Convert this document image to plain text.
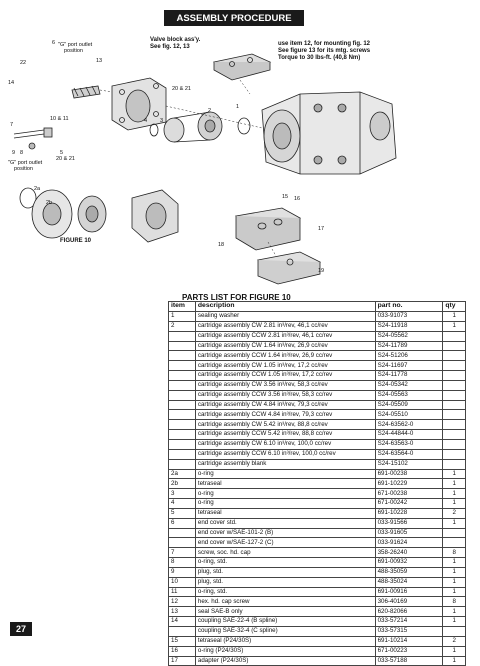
ASSEMBLY PROCEDURE
Valve block ass'y.
See fig. 12, 13	use item 12, for mounting fig. 12
See figure 13 for its mtg. screws
Torque to 30 lbs-ft. (40,8 Nm)
"G" port outlet
position
"G" port outlet
position
22
6
13
14
20 & 21
2
1
7
10 & 11	3
4
9 8	5
20 & 21
2a
2b
15 16
17
18
19
FIGURE 10
PARTS LIST FOR FIGURE 10
item	description	part no.	qty
1	sealing washer	033-91073	1
2	cartridge assembly CW 2.81 in³/rev, 46,1 cc/rev	S24-11918	1
	cartridge assembly CCW 2.81 in³/rev, 46,1 cc/rev	S24-05562	
	cartridge assembly CW 1.64 in³/rev, 26,9 cc/rev	S24-11789	
	cartridge assembly CCW 1.64 in³/rev, 26,9 cc/rev	S24-51206	
	cartridge assembly CW 1.05 in³/rev, 17,2 cc/rev	S24-11697	
	cartridge assembly CCW 1.05 in³/rev, 17,2 cc/rev	S24-11778	
	cartridge assembly CW 3.56 in³/rev, 58,3 cc/rev	S24-05342	
	cartridge assembly CCW 3.56 in³/rev, 58,3 cc/rev	S24-05563	
	cartridge assembly CW 4.84 in³/rev, 79,3 cc/rev	S24-05509	
	cartridge assembly CCW 4.84 in³/rev, 79,3 cc/rev	S24-05510	
	cartridge assembly CW 5.42 in³/rev, 88,8 cc/rev	S24-63562-0	
	cartridge assembly CCW 5.42 in³/rev, 88,8 cc/rev	S24-44844-0	
	cartridge assembly CW 6.10 in³/rev, 100,0 cc/rev	S24-63563-0	
	cartridge assembly CCW 6.10 in³/rev, 100,0 cc/rev	S24-63564-0	
	cartridge assembly blank	S24-15102	
2a	o-ring	691-00238	1
2b	tetraseal	691-10229	1
3	o-ring	671-00238	1
4	o-ring	671-00242	1
5	tetraseal	691-10228	2
6	end cover std.	033-91566	1
	end cover w/SAE-101-2 (B)	033-91605	
	end cover w/SAE-127-2 (C)	033-91624	
7	screw, soc. hd. cap	358-26240	8
8	o-ring, std.	691-00932	1
9	plug, std.	488-35059	1
10	plug, std.	488-35024	1
11	o-ring, std.	691-00916	1
12	hex. hd. cap screw	306-40169	8
13	seal SAE-B only	620-82066	1
14	coupling SAE-22-4 (B spline)	033-57214	1
	coupling SAE-32-4 (C spline)	033-57315	
15	tetraseal (P24/30S)	691-10214	2
16	o-ring (P24/30S)	671-00223	1
17	adapter (P24/30S)	033-57188	1
27
